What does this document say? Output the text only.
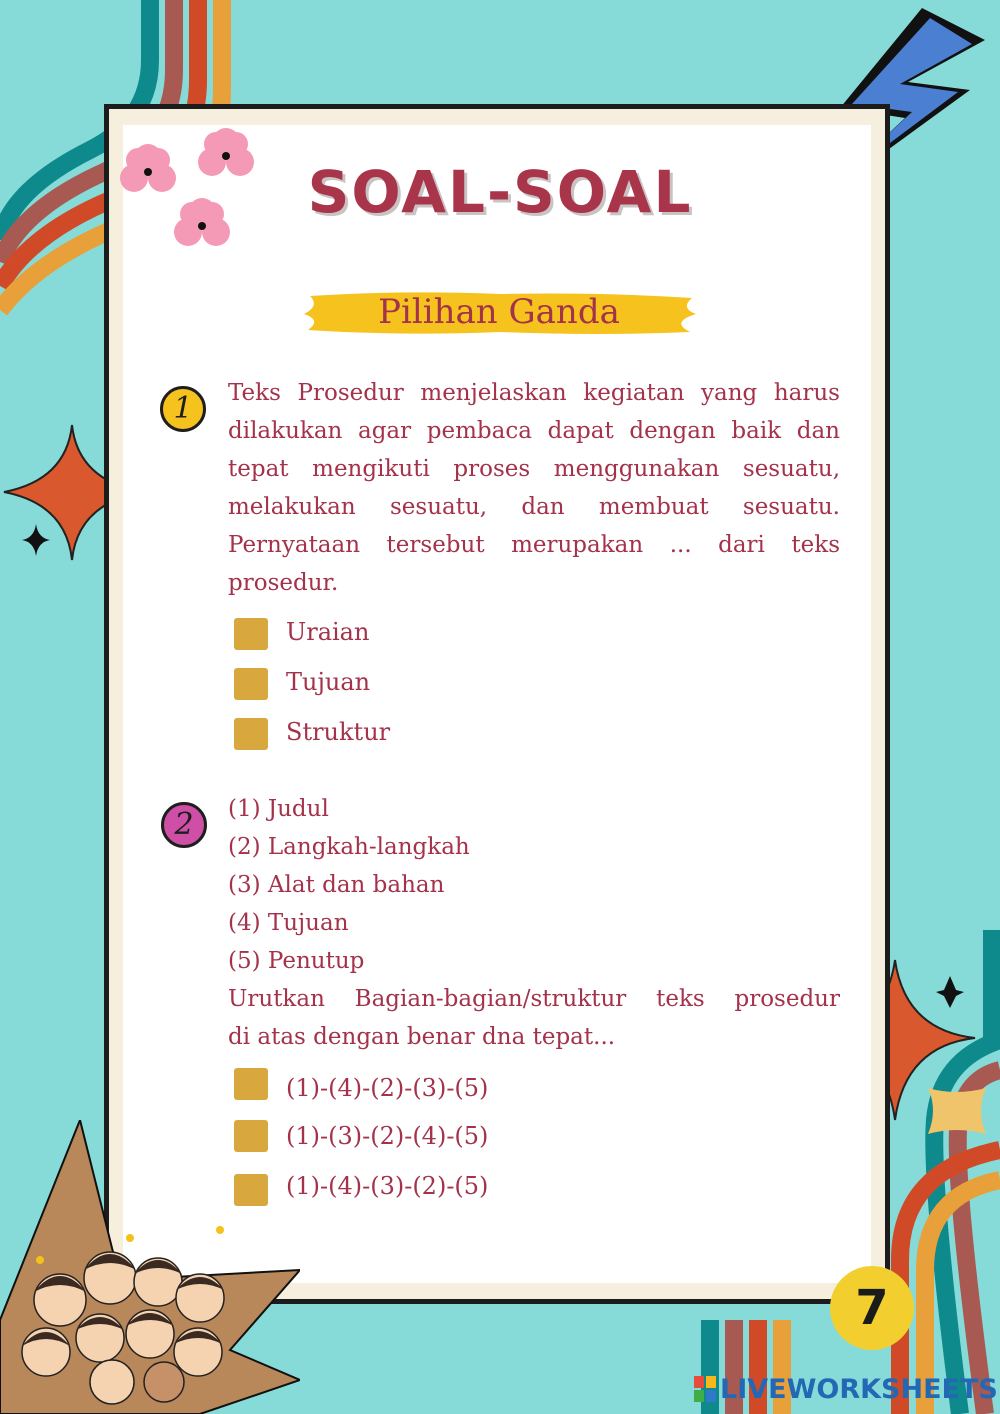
SOAL-SOAL
Pilihan Ganda
1	Teks Prosedur menjelaskan kegiatan yang harus
dilakukan agar pembaca dapat dengan baik dan
tepat mengikuti proses menggunakan sesuatu,
melakukan sesuatu, dan membuat sesuatu.
Pernyataan tersebut merupakan ... dari teks
prosedur.
Uraian
Tujuan
Struktur
2	(1) Judul
(2) Langkah-langkah
(3) Alat dan bahan
(4) Tujuan
(5) Penutup
Urutkan Bagian-bagian/struktur teks prosedur
di atas dengan benar dna tepat...
(1)-(4)-(2)-(3)-(5)
(1)-(3)-(2)-(4)-(5)
(1)-(4)-(3)-(2)-(5)
7
LIVEWORKSHEETS
